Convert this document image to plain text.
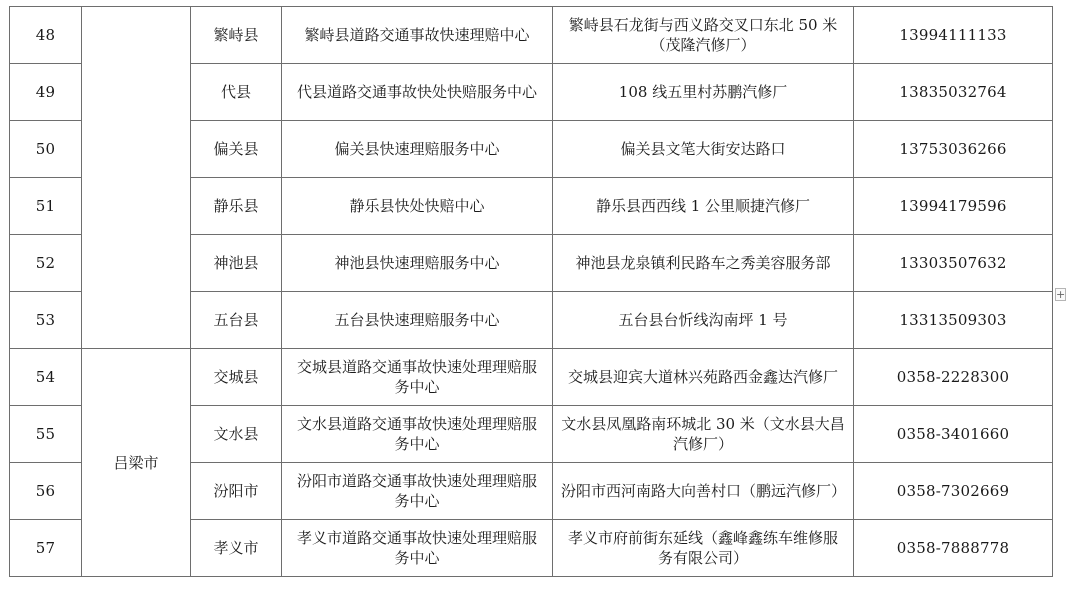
48		繁峙县	繁峙县道路交通事故快速理赔中心	繁峙县石龙街与西义路交叉口东北 50 米（茂隆汽修厂）	13994111133
49		代县	代县道路交通事故快处快赔服务中心	108 线五里村苏鹏汽修厂	13835032764
50		偏关县	偏关县快速理赔服务中心	偏关县文笔大街安达路口	13753036266
51		静乐县	静乐县快处快赔中心	静乐县西西线 1 公里顺捷汽修厂	13994179596
52		神池县	神池县快速理赔服务中心	神池县龙泉镇利民路车之秀美容服务部	13303507632
53		五台县	五台县快速理赔服务中心	五台县台忻线沟南坪 1 号	13313509303
54	吕梁市	交城县	交城县道路交通事故快速处理理赔服务中心	交城县迎宾大道林兴苑路西金鑫达汽修厂	0358-2228300
55		文水县	文水县道路交通事故快速处理理赔服务中心	文水县凤凰路南环城北 30 米（文水县大昌汽修厂）	0358-3401660
56		汾阳市	汾阳市道路交通事故快速处理理赔服务中心	汾阳市西河南路大向善村口（鹏远汽修厂）	0358-7302669
57		孝义市	孝义市道路交通事故快速处理理赔服务中心	孝义市府前街东延线（鑫峰鑫练车维修服务有限公司）	0358-7888778
+
